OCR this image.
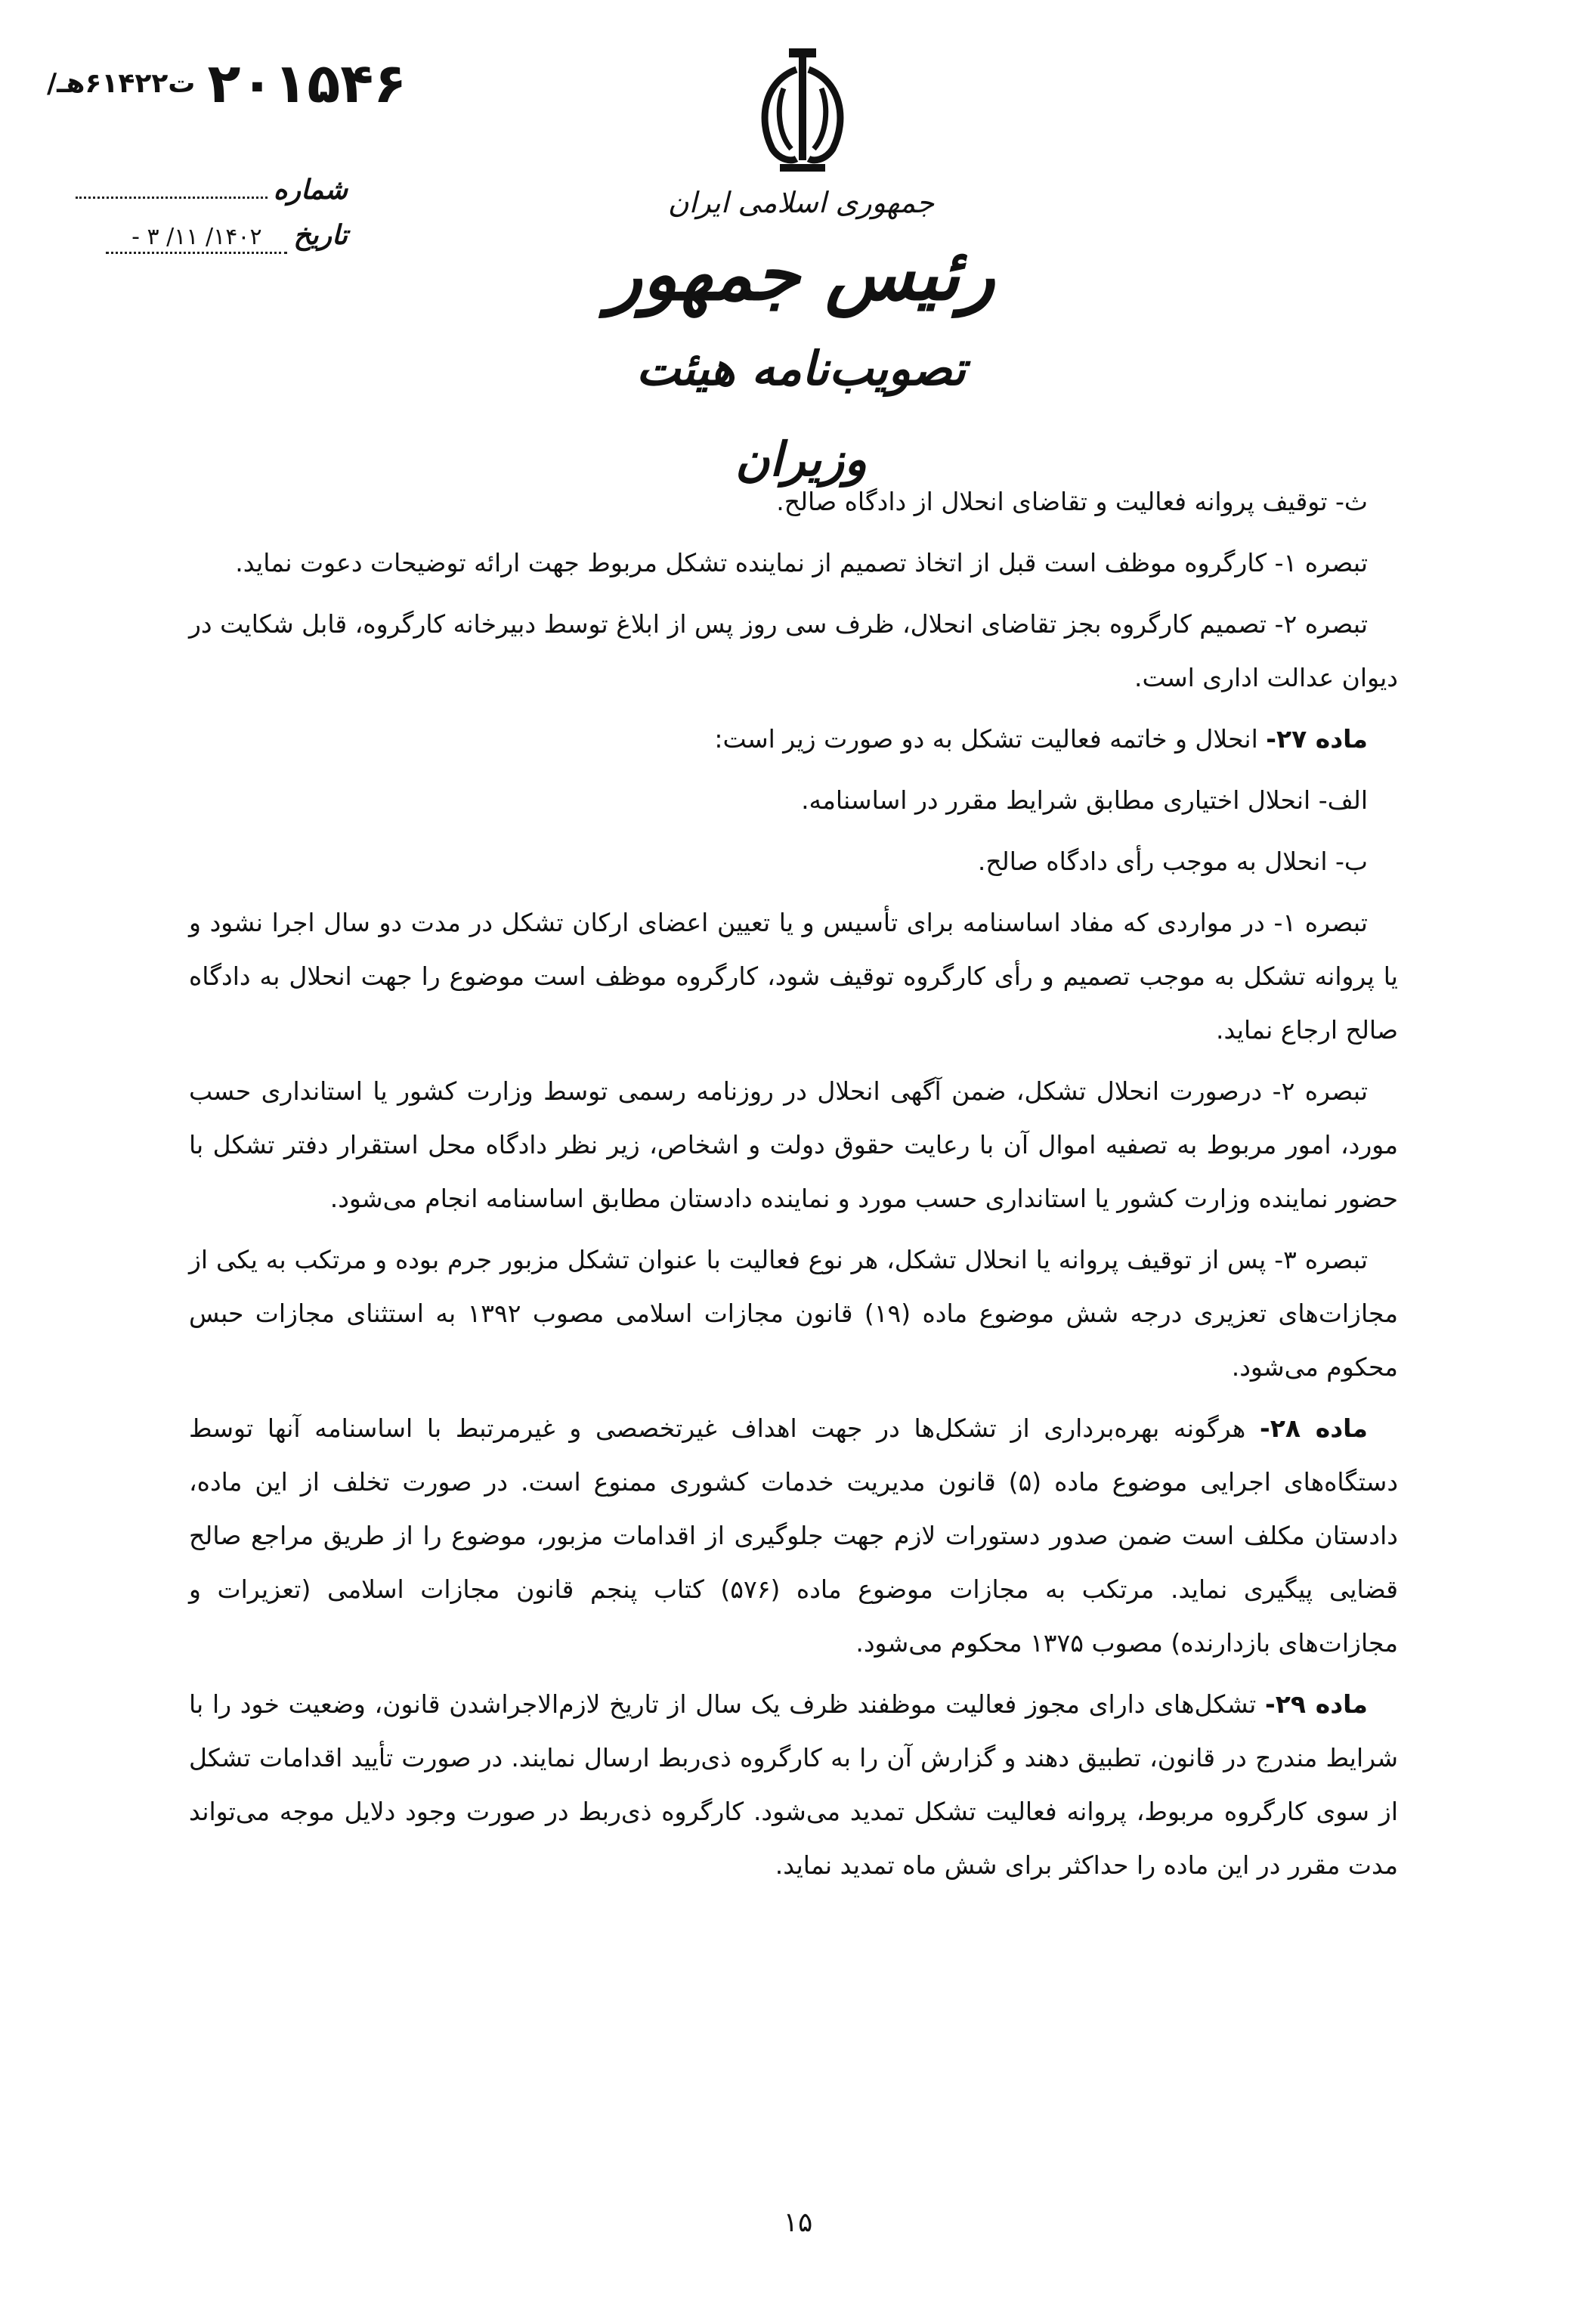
/ت۶۱۴۲۲هـ ۲۰۱۵۴۶
شماره
تاریخ
۱۴۰۲/ ۱۱/ ۳ -
جمهوری اسلامی ایران
رئیس جمهور
تصویب‌نامه هیئت وزیران

ث- توقیف پروانه فعالیت و تقاضای انحلال از دادگاه صالح.

تبصره ۱- کارگروه موظف است قبل از اتخاذ تصمیم از نماینده تشکل مربوط جهت ارائه توضیحات دعوت نماید.

تبصره ۲- تصمیم کارگروه بجز تقاضای انحلال، ظرف سی روز پس از ابلاغ توسط دبیرخانه کارگروه، قابل شکایت در دیوان عدالت اداری است.

ماده ۲۷- انحلال و خاتمه فعالیت تشکل به دو صورت زیر است:

الف- انحلال اختیاری مطابق شرایط مقرر در اساسنامه.

ب- انحلال به موجب رأی دادگاه صالح.

تبصره ۱- در مواردی که مفاد اساسنامه برای تأسیس و یا تعیین اعضای ارکان تشکل در مدت دو سال اجرا نشود و یا پروانه تشکل به موجب تصمیم و رأی کارگروه توقیف شود، کارگروه موظف است موضوع را جهت انحلال به دادگاه صالح ارجاع نماید.

تبصره ۲- درصورت انحلال تشکل، ضمن آگهی انحلال در روزنامه رسمی توسط وزارت کشور یا استانداری حسب مورد، امور مربوط به تصفیه اموال آن با رعایت حقوق دولت و اشخاص، زیر نظر دادگاه محل استقرار دفتر تشکل با حضور نماینده وزارت کشور یا استانداری حسب مورد و نماینده دادستان مطابق اساسنامه انجام می‌شود.

تبصره ۳- پس از توقیف پروانه یا انحلال تشکل، هر نوع فعالیت با عنوان تشکل مزبور جرم بوده و مرتکب به یکی از مجازات‌های تعزیری درجه شش موضوع ماده (۱۹) قانون مجازات اسلامی مصوب ۱۳۹۲ به استثنای مجازات حبس محکوم می‌شود.

ماده ۲۸- هرگونه بهره‌برداری از تشکل‌ها در جهت اهداف غیرتخصصی و غیرمرتبط با اساسنامه آنها توسط دستگاه‌های اجرایی موضوع ماده (۵) قانون مدیریت خدمات کشوری ممنوع است. در صورت تخلف از این ماده، دادستان مکلف است ضمن صدور دستورات لازم جهت جلوگیری از اقدامات مزبور، موضوع را از طریق مراجع صالح قضایی پیگیری نماید. مرتکب به مجازات موضوع ماده (۵۷۶) کتاب پنجم قانون مجازات اسلامی (تعزیرات و مجازات‌های بازدارنده) مصوب ۱۳۷۵ محکوم می‌شود.

ماده ۲۹- تشکل‌های دارای مجوز فعالیت موظفند ظرف یک سال از تاریخ لازم‌الاجراشدن قانون، وضعیت خود را با شرایط مندرج در قانون، تطبیق دهند و گزارش آن را به کارگروه ذی‌ربط ارسال نمایند. در صورت تأیید اقدامات تشکل از سوی کارگروه مربوط، پروانه فعالیت تشکل تمدید می‌شود. کارگروه ذی‌ربط در صورت وجود دلایل موجه می‌تواند مدت مقرر در این ماده را حداکثر برای شش ماه تمدید نماید.

۱۵
